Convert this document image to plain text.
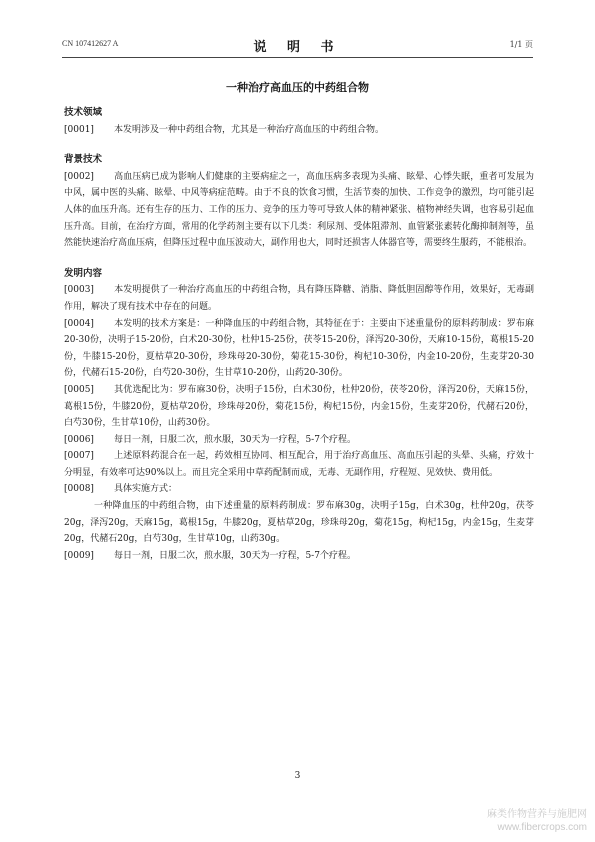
CN 107412627 A	说 明 书	1/1 页
一种治疗高血压的中药组合物

技术领域

[0001] 本发明涉及一种中药组合物，尤其是一种治疗高血压的中药组合物。

背景技术

[0002] 高血压病已成为影响人们健康的主要病症之一，高血压病多表现为头痛、眩晕、心悸失眠，重者可发展为中风，属中医的头痛、眩晕、中风等病症范畴。由于不良的饮食习惯，生活节奏的加快、工作竞争的激烈，均可能引起人体的血压升高。还有生存的压力、工作的压力、竞争的压力等可导致人体的精神紧张、植物神经失调，也容易引起血压升高。目前，在治疗方面，常用的化学药剂主要有以下几类：利尿剂、受体阻滞剂、血管紧张素转化酶抑制剂等，虽然能快速治疗高血压病，但降压过程中血压波动大，副作用也大，同时还损害人体器官等，需要终生服药，不能根治。

发明内容

[0003] 本发明提供了一种治疗高血压的中药组合物，具有降压降糖、消脂、降低胆固醇等作用，效果好，无毒副作用，解决了现有技术中存在的问题。

[0004] 本发明的技术方案是：一种降血压的中药组合物，其特征在于：主要由下述重量份的原料药制成：罗布麻20-30份，决明子15-20份，白术20-30份，杜仲15-25份，茯苓15-20份，泽泻20-30份，天麻10-15份，葛根15-20份，牛膝15-20份，夏枯草20-30份，珍珠母20-30份，菊花15-30份，枸杞10-30份，内金10-20份，生麦芽20-30份，代赭石15-20份，白芍20-30份，生甘草10-20份，山药20-30份。

[0005] 其优选配比为：罗布麻30份，决明子15份，白术30份，杜仲20份，茯苓20份，泽泻20份，天麻15份，葛根15份，牛膝20份，夏枯草20份，珍珠母20份，菊花15份，枸杞15份，内金15份，生麦芽20份，代赭石20份，白芍30份，生甘草10份，山药30份。

[0006] 每日一剂，日服二次，煎水服，30天为一疗程，5-7个疗程。

[0007] 上述原料药混合在一起，药效相互协同、相互配合，用于治疗高血压、高血压引起的头晕、头痛，疗效十分明显，有效率可达90%以上。而且完全采用中草药配制而成，无毒、无副作用，疗程短、见效快、费用低。

[0008] 具体实施方式：

一种降血压的中药组合物，由下述重量的原料药制成：罗布麻30g，决明子15g，白术30g，杜仲20g，茯苓20g，泽泻20g，天麻15g，葛根15g，牛膝20g，夏枯草20g，珍珠母20g，菊花15g，枸杞15g，内金15g，生麦芽20g，代赭石20g，白芍30g，生甘草10g，山药30g。

[0009] 每日一剂，日服二次，煎水服，30天为一疗程，5-7个疗程。

3
麻类作物营养与施肥网
www.fibercrops.com
